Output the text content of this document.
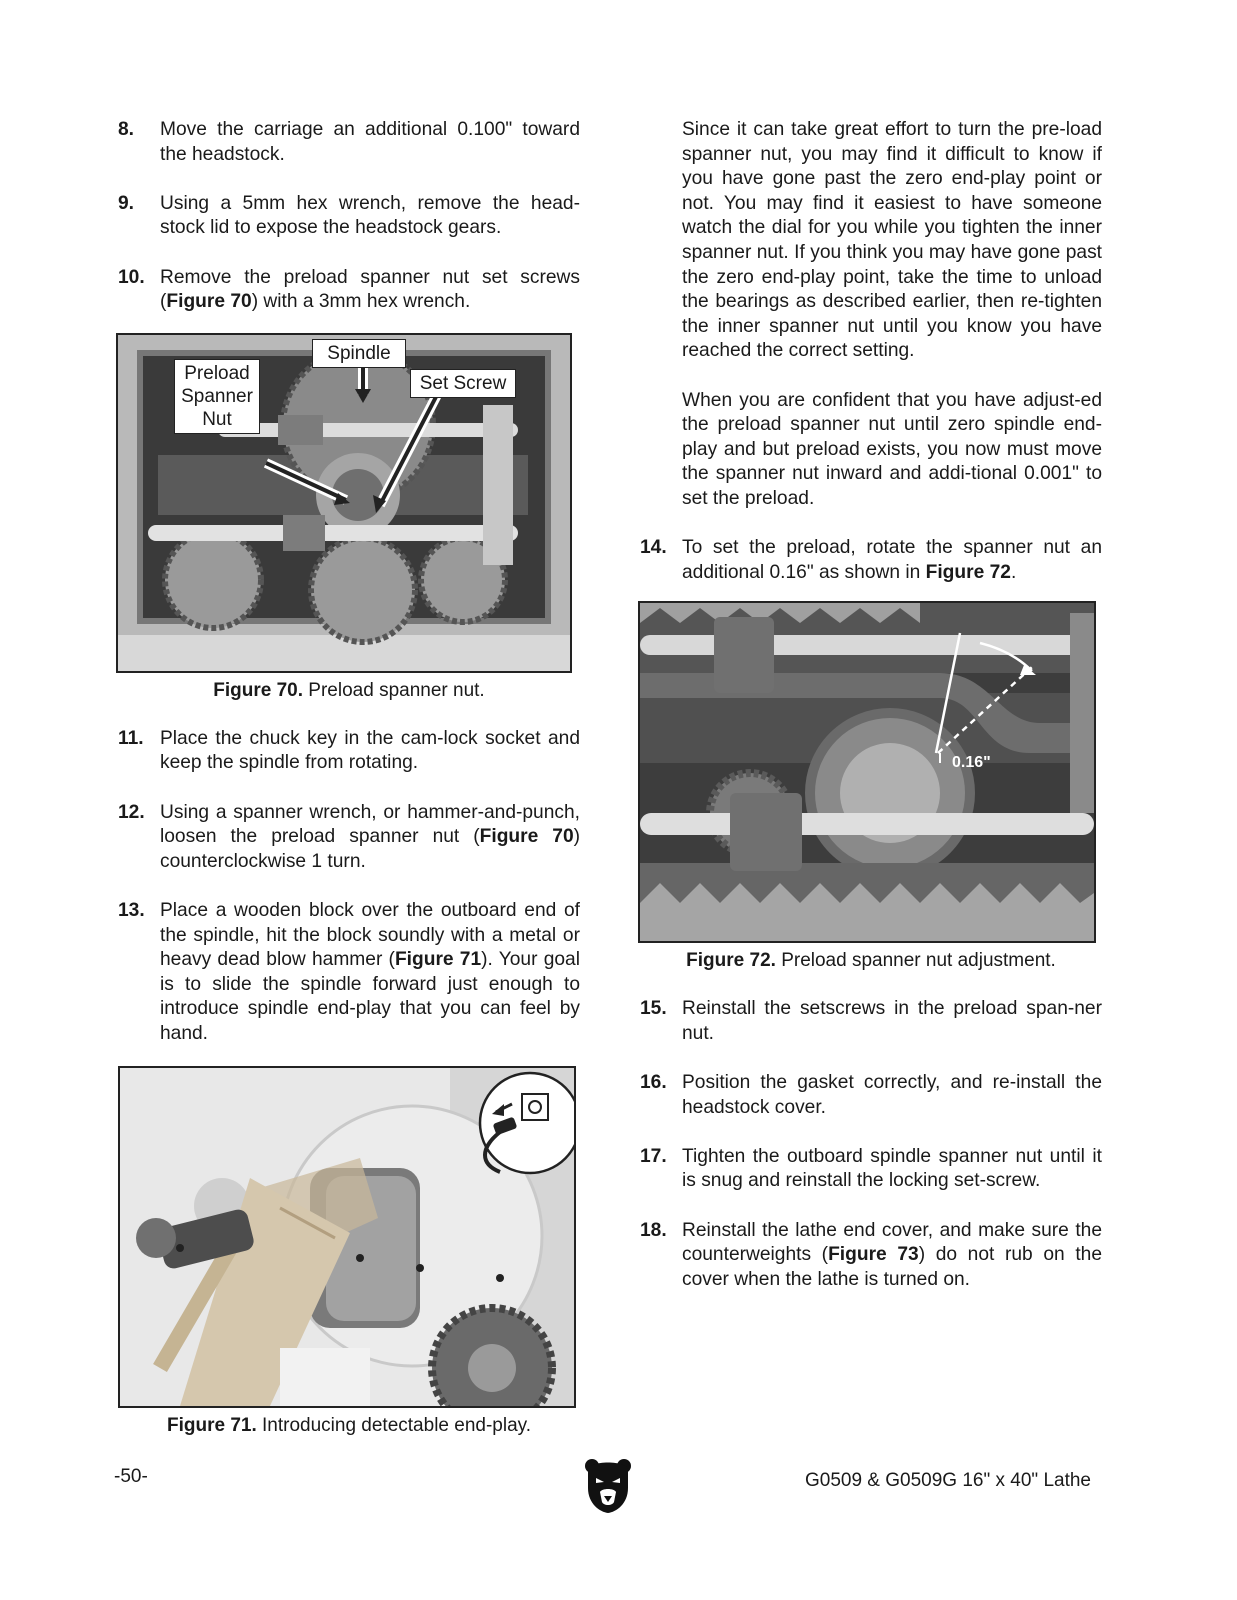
8. Move the carriage an additional 0.100" toward the headstock.
9. Using a 5mm hex wrench, remove the head-stock lid to expose the headstock gears.
10. Remove the preload spanner nut set screws (Figure 70) with a 3mm hex wrench.
Spindle
Preload Spanner Nut
Set Screw
Figure 70. Preload spanner nut.
11. Place the chuck key in the cam-lock socket and keep the spindle from rotating.
12. Using a spanner wrench, or hammer-and-punch, loosen the preload spanner nut (Figure 70) counterclockwise 1 turn.
13. Place a wooden block over the outboard end of the spindle, hit the block soundly with a metal or heavy dead blow hammer (Figure 71). Your goal is to slide the spindle forward just enough to introduce spindle end-play that you can feel by hand.
Figure 71. Introducing detectable end-play.
Since it can take great effort to turn the pre-load spanner nut, you may find it difficult to know if you have gone past the zero end-play point or not. You may find it easiest to have someone watch the dial for you while you tighten the inner spanner nut. If you think you may have gone past the zero end-play point, take the time to unload the bearings as described earlier, then re-tighten the inner spanner nut until you know you have reached the correct setting.
When you are confident that you have adjust-ed the preload spanner nut until zero spindle end-play and but preload exists, you now must move the spanner nut inward and addi-tional 0.001" to set the preload.
14. To set the preload, rotate the spanner nut an additional 0.16" as shown in Figure 72.
0.16"
Figure 72. Preload spanner nut adjustment.
15. Reinstall the setscrews in the preload span-ner nut.
16. Position the gasket correctly, and re-install the headstock cover.
17. Tighten the outboard spindle spanner nut until it is snug and reinstall the locking set-screw.
18. Reinstall the lathe end cover, and make sure the counterweights (Figure 73) do not rub on the cover when the lathe is turned on.
-50-	G0509 & G0509G 16" x 40" Lathe
